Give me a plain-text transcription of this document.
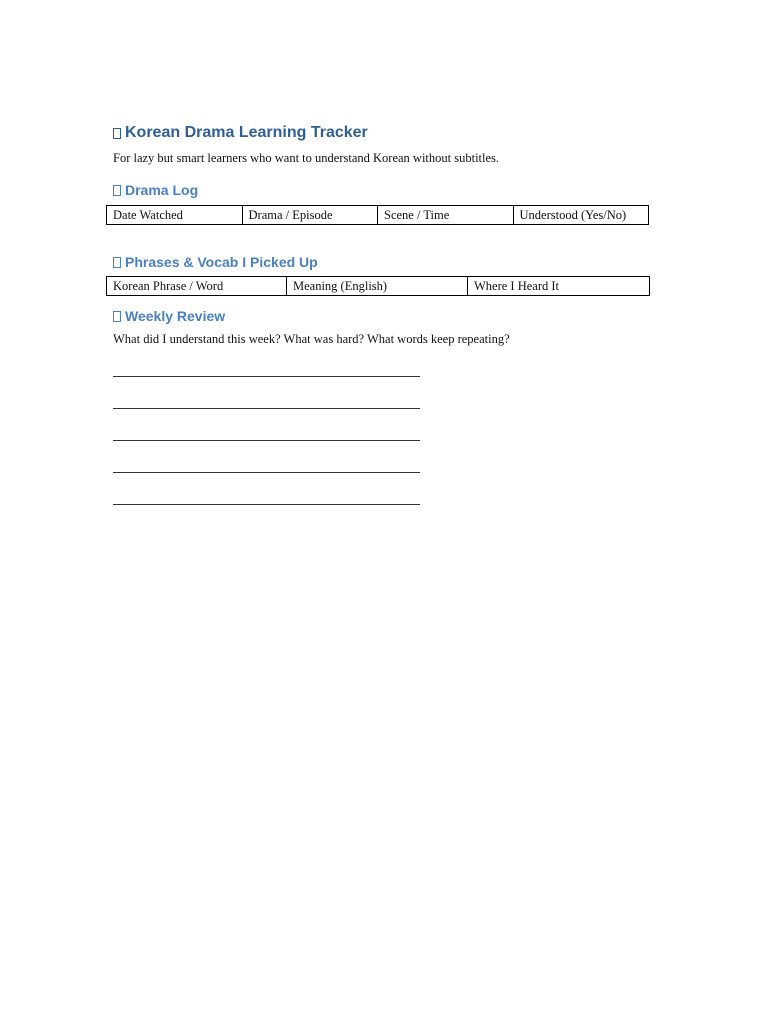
Korean Drama Learning Tracker

For lazy but smart learners who want to understand Korean without subtitles.

Drama Log
Date Watched	Drama / Episode	Scene / Time	Understood (Yes/No)
Phrases & Vocab I Picked Up
Korean Phrase / Word	Meaning (English)	Where I Heard It
Weekly Review

What did I understand this week? What was hard? What words keep repeating?
